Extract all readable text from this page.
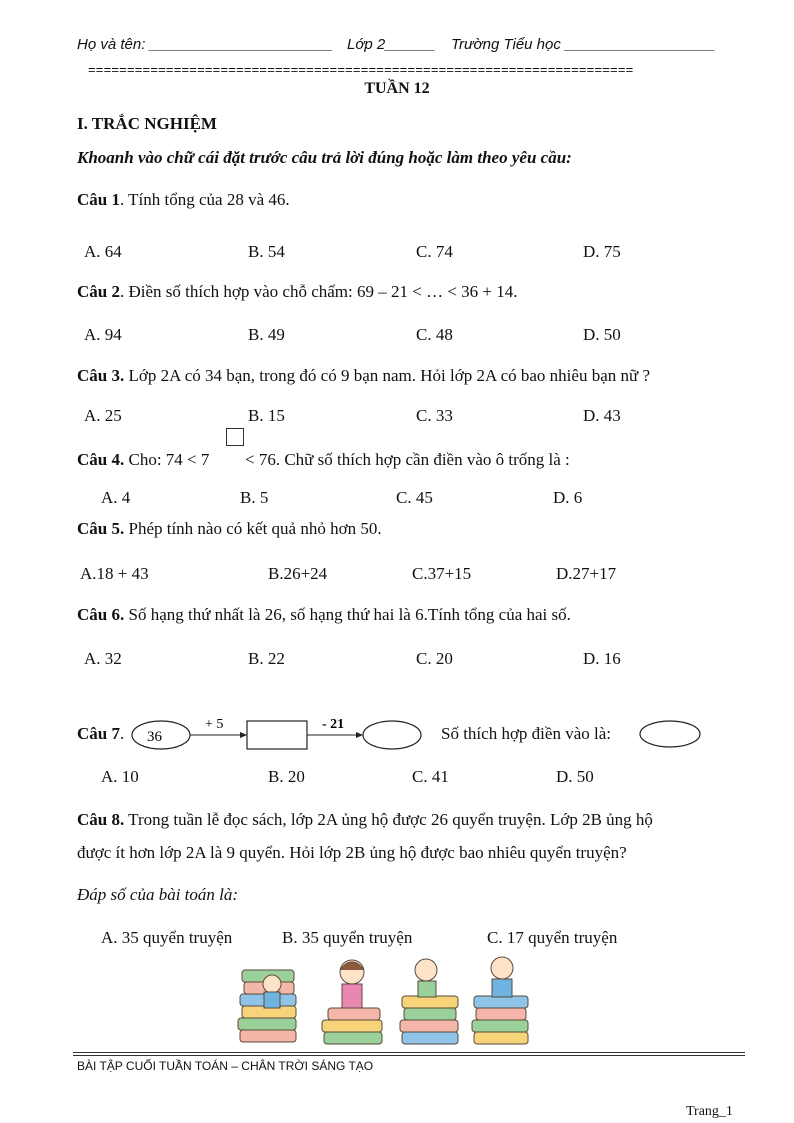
Họ và tên: ______________________ Lớp 2______ Trường Tiểu học __________________
======================================================================
TUẦN 12
I. TRẮC NGHIỆM
Khoanh vào chữ cái đặt trước câu trả lời đúng hoặc làm theo yêu cầu:
Câu 1. Tính tổng của 28 và 46.
A. 64	B. 54	C. 74	D. 75
Câu 2. Điền số thích hợp vào chỗ chấm: 69 – 21 < … < 36 + 14.
A. 94	B. 49	C. 48	D. 50
Câu 3. Lớp 2A có 34 bạn, trong đó có 9 bạn nam. Hỏi lớp 2A có bao nhiêu bạn nữ ?
A. 25	B. 15	C. 33	D. 43
Câu 4. Cho: 74 < 7 < 76. Chữ số thích hợp cần điền vào ô trống là :
A. 4	B. 5	C. 45	D. 6
Câu 5. Phép tính nào có kết quả nhỏ hơn 50.
A.18 + 43	B.26+24	C.37+15	D.27+17
Câu 6. Số hạng thứ nhất là 26, số hạng thứ hai là 6.Tính tổng của hai số.
A. 32	B. 22	C. 20	D. 16
Câu 7. 36
+ 5	- 21	Số thích hợp điền vào là:
A. 10	B. 20	C. 41	D. 50
Câu 8. Trong tuần lễ đọc sách, lớp 2A ủng hộ được 26 quyển truyện. Lớp 2B ủng hộ
được ít hơn lớp 2A là 9 quyển. Hỏi lớp 2B ủng hộ được bao nhiêu quyển truyện?
Đáp số của bài toán là:
A. 35 quyển truyện	B. 35 quyển truyện	C. 17 quyển truyện
BÀI TẬP CUỐI TUẦN TOÁN – CHÂN TRỜI SÁNG TẠO
Trang_1
